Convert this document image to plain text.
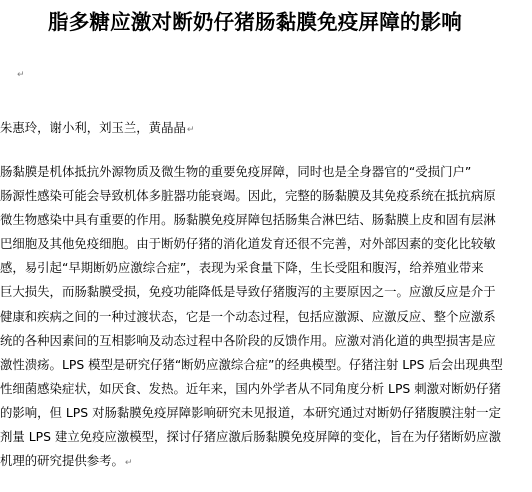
脂多糖应激对断奶仔猪肠黏膜免疫屏障的影响
↵
朱惠玲，谢小利，刘玉兰，黄晶晶↵
肠黏膜是机体抵抗外源物质及微生物的重要免疫屏障，同时也是全身器官的“受损门户”
肠源性感染可能会导致机体多脏器功能衰竭。因此，完整的肠黏膜及其免疫系统在抵抗病原
微生物感染中具有重要的作用。肠黏膜免疫屏障包括肠集合淋巴结、肠黏膜上皮和固有层淋
巴细胞及其他免疫细胞。由于断奶仔猪的消化道发育还很不完善，对外部因素的变化比较敏
感，易引起“早期断奶应激综合症”，表现为采食量下降，生长受阻和腹泻，给养殖业带来
巨大损失，而肠黏膜受损，免疫功能降低是导致仔猪腹泻的主要原因之一。应激反应是介于
健康和疾病之间的一种过渡状态，它是一个动态过程，包括应激源、应激反应、整个应激系
统的各种因素间的互相影响及动态过程中各阶段的反馈作用。应激对消化道的典型损害是应
激性溃疡。LPS 模型是研究仔猪“断奶应激综合症”的经典模型。仔猪注射 LPS 后会出现典型
性细菌感染症状，如厌食、发热。近年来，国内外学者从不同角度分析 LPS 刺激对断奶仔猪
的影响，但 LPS 对肠黏膜免疫屏障影响研究未见报道，本研究通过对断奶仔猪腹膜注射一定
剂量 LPS 建立免疫应激模型，探讨仔猪应激后肠黏膜免疫屏障的变化，旨在为仔猪断奶应激
机理的研究提供参考。↵
